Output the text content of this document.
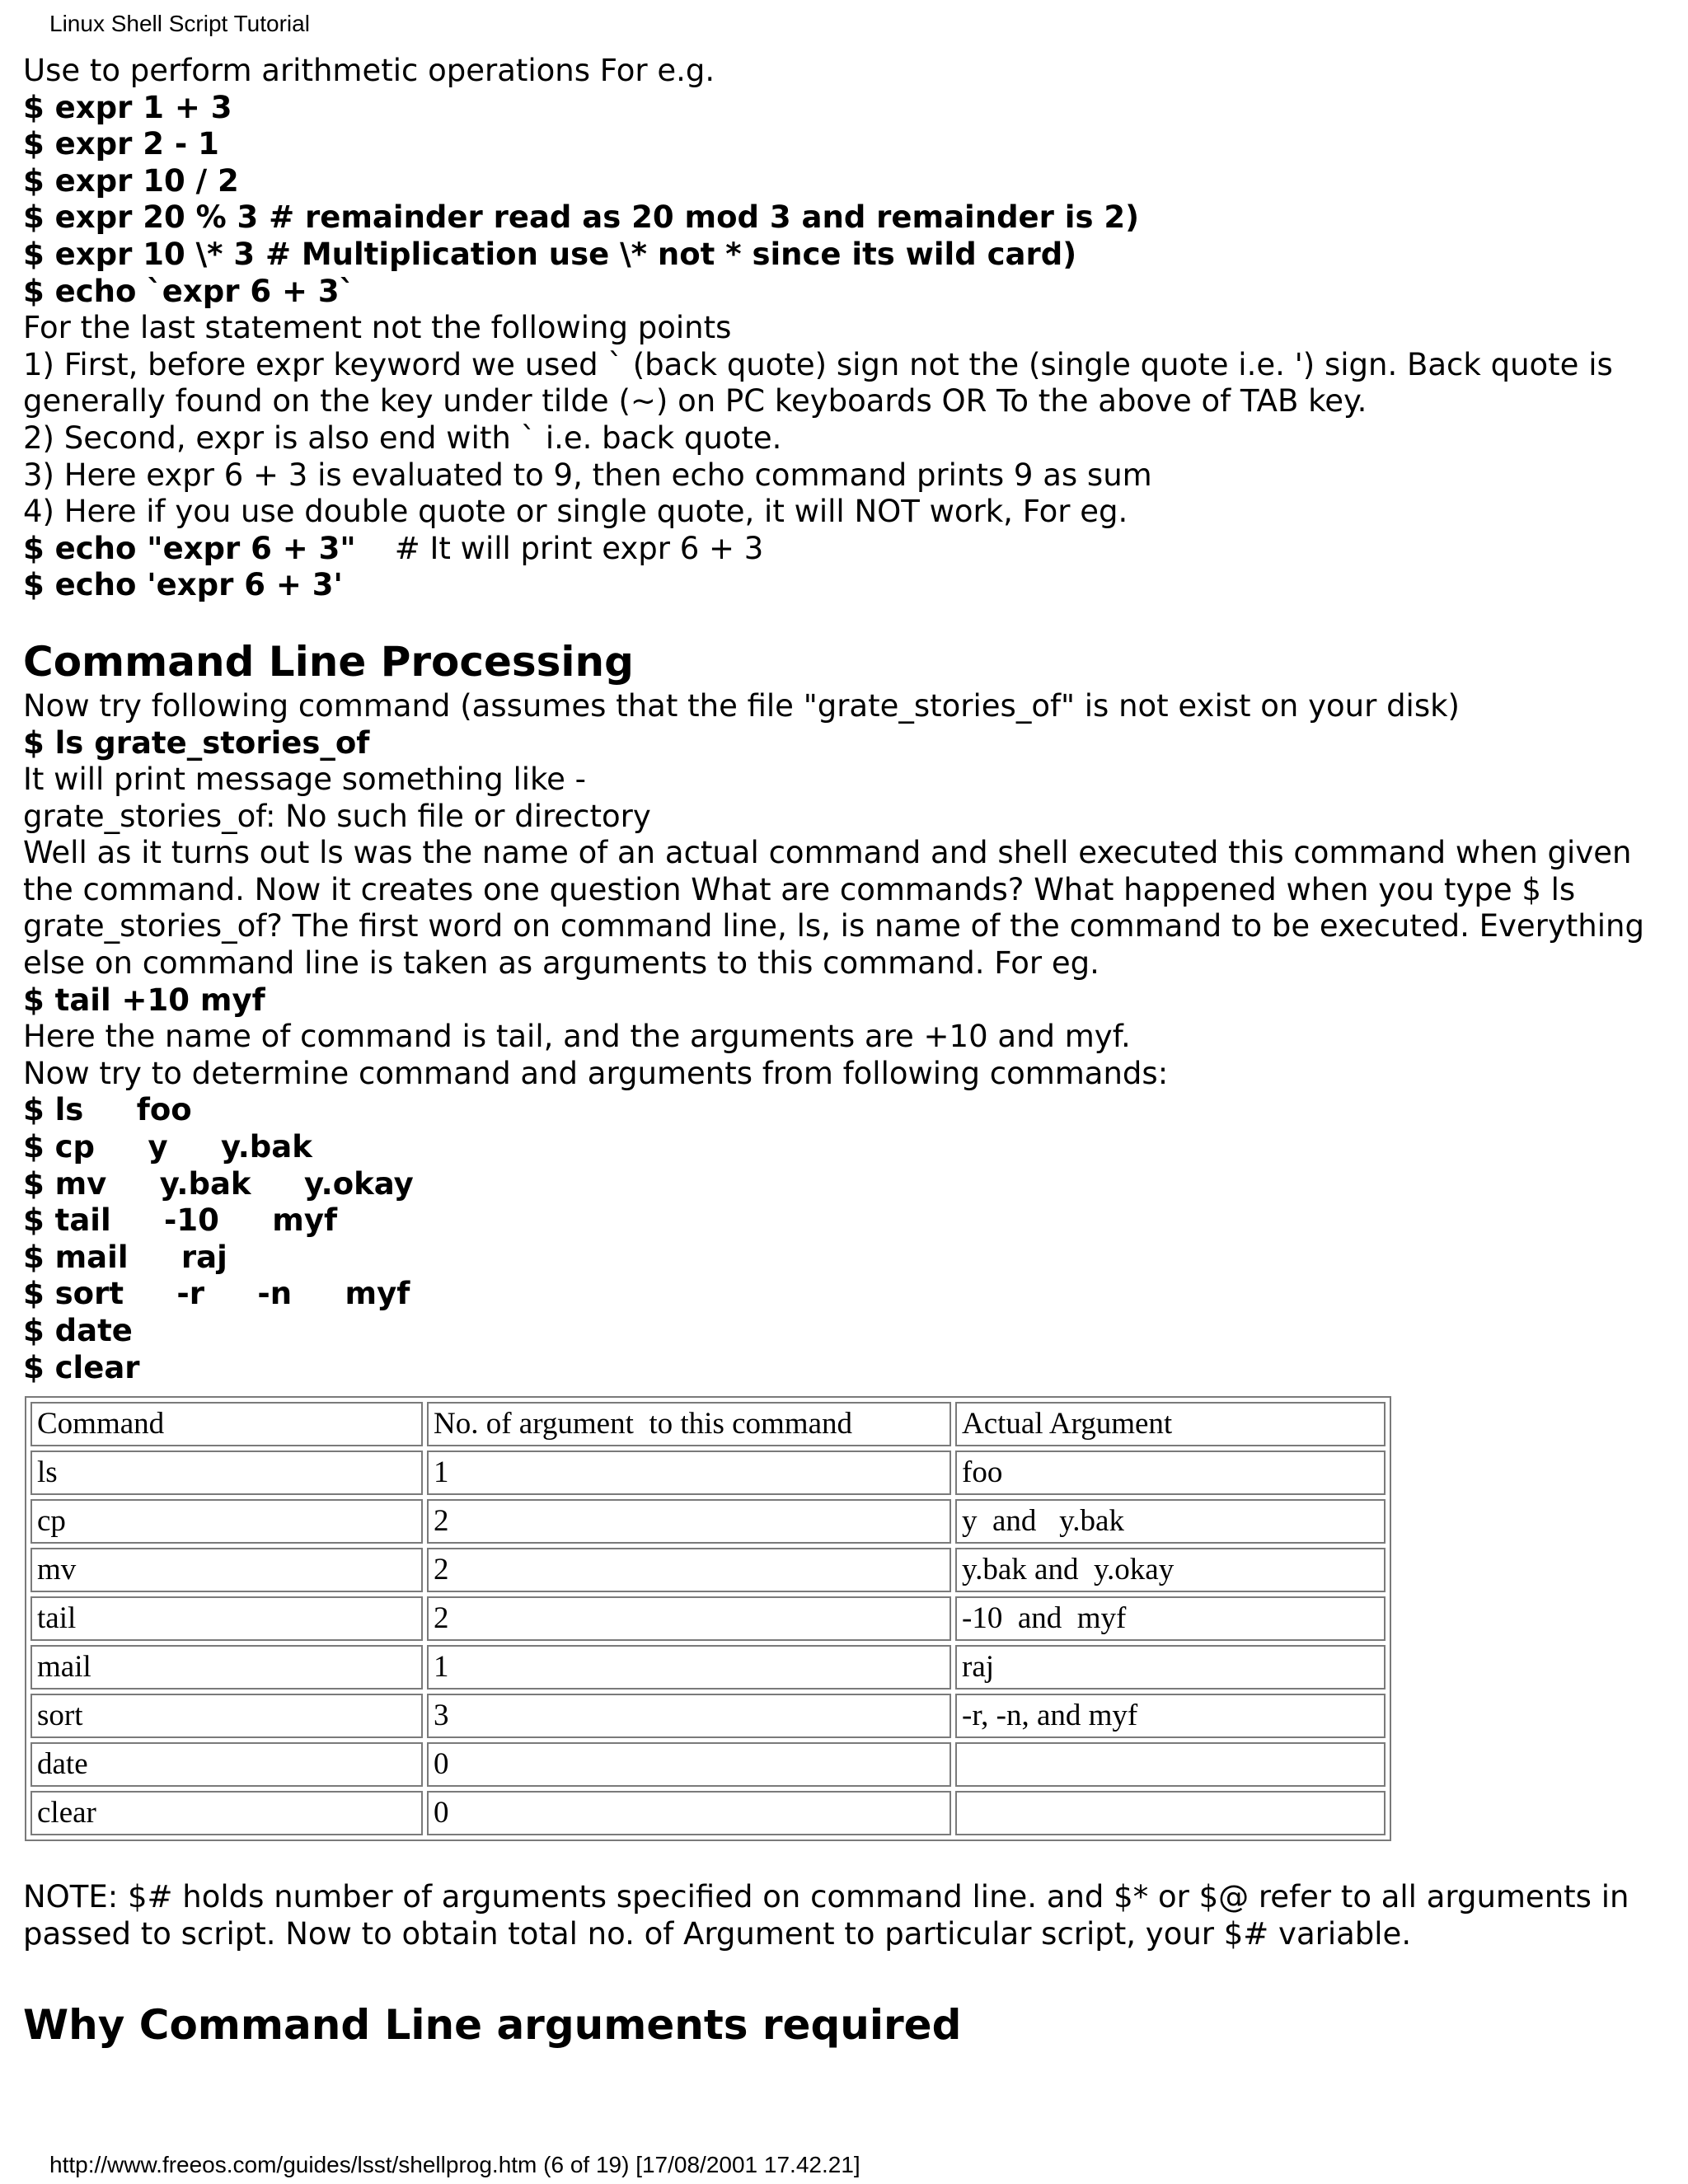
Linux Shell Script Tutorial
Use to perform arithmetic operations For e.g.
$ expr 1 + 3
$ expr 2 - 1
$ expr 10 / 2
$ expr 20 % 3 # remainder read as 20 mod 3 and remainder is 2)
$ expr 10 \* 3 # Multiplication use \* not * since its wild card)
$ echo `expr 6 + 3`
For the last statement not the following points
1) First, before expr keyword we used ` (back quote) sign not the (single quote i.e. ') sign. Back quote is generally found on the key under tilde (~) on PC keyboards OR To the above of TAB key.
2) Second, expr is also end with ` i.e. back quote.
3) Here expr 6 + 3 is evaluated to 9, then echo command prints 9 as sum
4) Here if you use double quote or single quote, it will NOT work, For eg.
$ echo "expr 6 + 3"    # It will print expr 6 + 3
$ echo 'expr 6 + 3'
Command Line Processing
Now try following command (assumes that the file "grate_stories_of" is not exist on your disk)
$ ls grate_stories_of
It will print message something like -
grate_stories_of: No such file or directory
Well as it turns out ls was the name of an actual command and shell executed this command when given the command. Now it creates one question What are commands? What happened when you type $ ls grate_stories_of? The first word on command line, ls, is name of the command to be executed. Everything else on command line is taken as arguments to this command. For eg.
$ tail +10 myf
Here the name of command is tail, and the arguments are +10 and myf.
Now try to determine command and arguments from following commands:
$ ls     foo
$ cp     y     y.bak
$ mv     y.bak     y.okay
$ tail     -10     myf
$ mail     raj
$ sort     -r     -n     myf
$ date
$ clear
Command	No. of argument  to this command	Actual Argument
ls	1	foo
cp	2	y  and   y.bak
mv	2	y.bak and  y.okay
tail	2	-10  and  myf
mail	1	raj
sort	3	-r, -n, and myf
date	0	
clear	0	
NOTE: $# holds number of arguments specified on command line. and $* or $@ refer to all arguments in passed to script. Now to obtain total no. of Argument to particular script, your $# variable.
Why Command Line arguments required
http://www.freeos.com/guides/lsst/shellprog.htm (6 of 19) [17/08/2001 17.42.21]
